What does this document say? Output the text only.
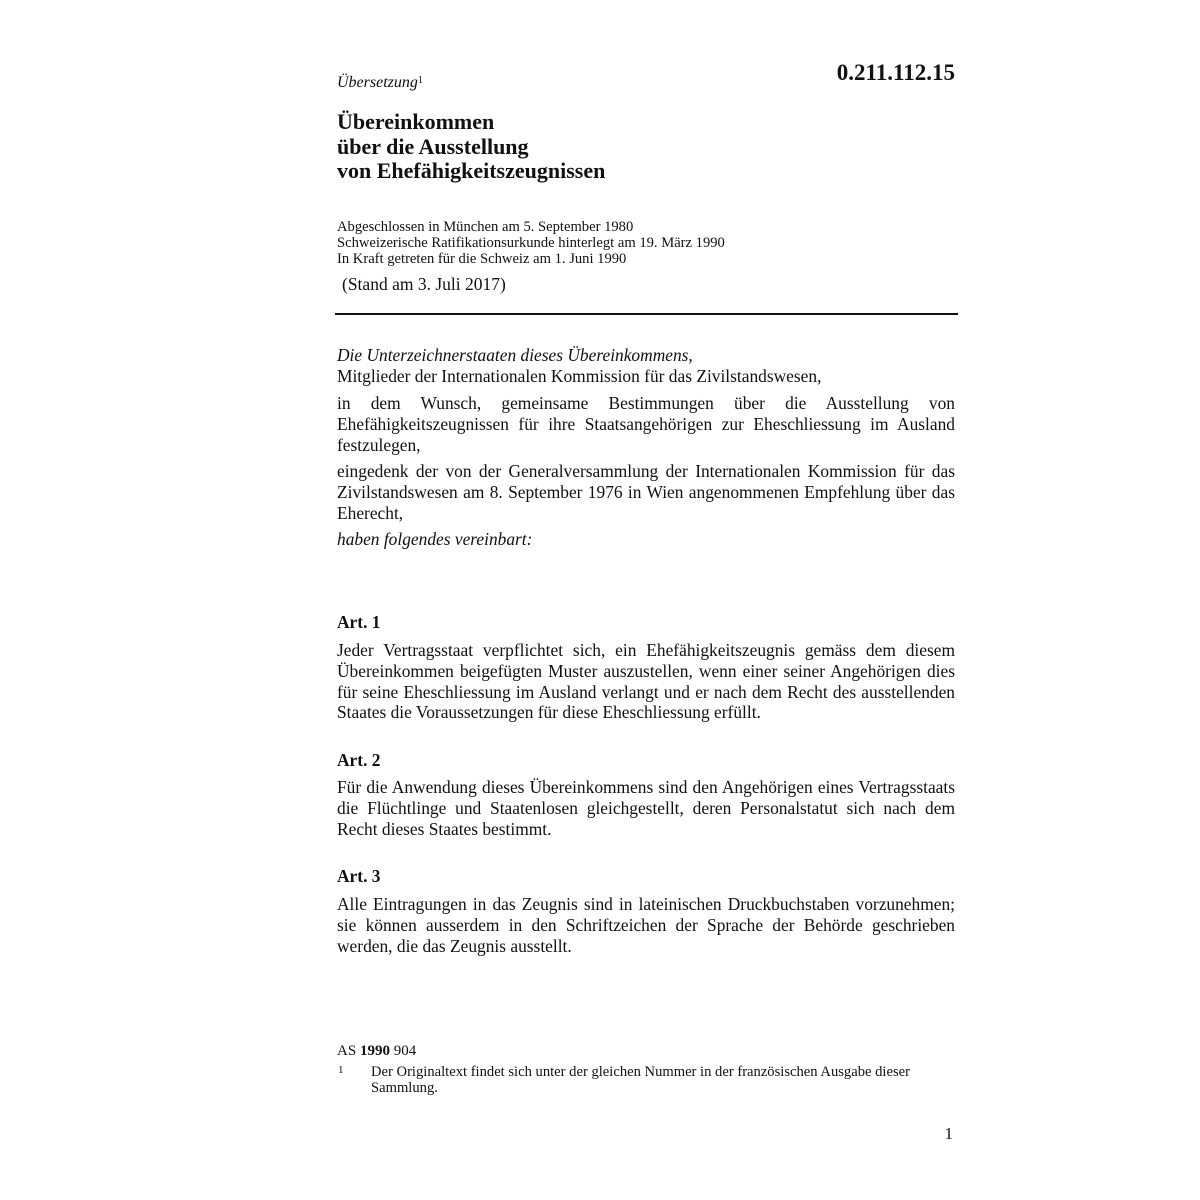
Übersetzung$^1$	0.211.112.15
Übereinkommen
über die Ausstellung
von Ehefähigkeitszeugnissen
Abgeschlossen in München am 5. September 1980
Schweizerische Ratifikationsurkunde hinterlegt am 19. März 1990
In Kraft getreten für die Schweiz am 1. Juni 1990
(Stand am 3. Juli 2017)
Die Unterzeichnerstaaten dieses Übereinkommens,
Mitglieder der Internationalen Kommission für das Zivilstandswesen,
in dem Wunsch, gemeinsame Bestimmungen über die Ausstellung von Ehefähigkeitszeugnissen für ihre Staatsangehörigen zur Eheschliessung im Ausland festzulegen,
eingedenk der von der Generalversammlung der Internationalen Kommission für das Zivilstandswesen am 8. September 1976 in Wien angenommenen Empfehlung über das Eherecht,
haben folgendes vereinbart:
Art. 1
Jeder Vertragsstaat verpflichtet sich, ein Ehefähigkeitszeugnis gemäss dem diesem Übereinkommen beigefügten Muster auszustellen, wenn einer seiner Angehörigen dies für seine Eheschliessung im Ausland verlangt und er nach dem Recht des ausstellenden Staates die Voraussetzungen für diese Eheschliessung erfüllt.
Art. 2
Für die Anwendung dieses Übereinkommens sind den Angehörigen eines Vertragsstaats die Flüchtlinge und Staatenlosen gleichgestellt, deren Personalstatut sich nach dem Recht dieses Staates bestimmt.
Art. 3
Alle Eintragungen in das Zeugnis sind in lateinischen Druckbuchstaben vorzunehmen; sie können ausserdem in den Schriftzeichen der Sprache der Behörde geschrieben werden, die das Zeugnis ausstellt.
AS 1990 904
1 Der Originaltext findet sich unter der gleichen Nummer in der französischen Ausgabe dieser Sammlung.
1
